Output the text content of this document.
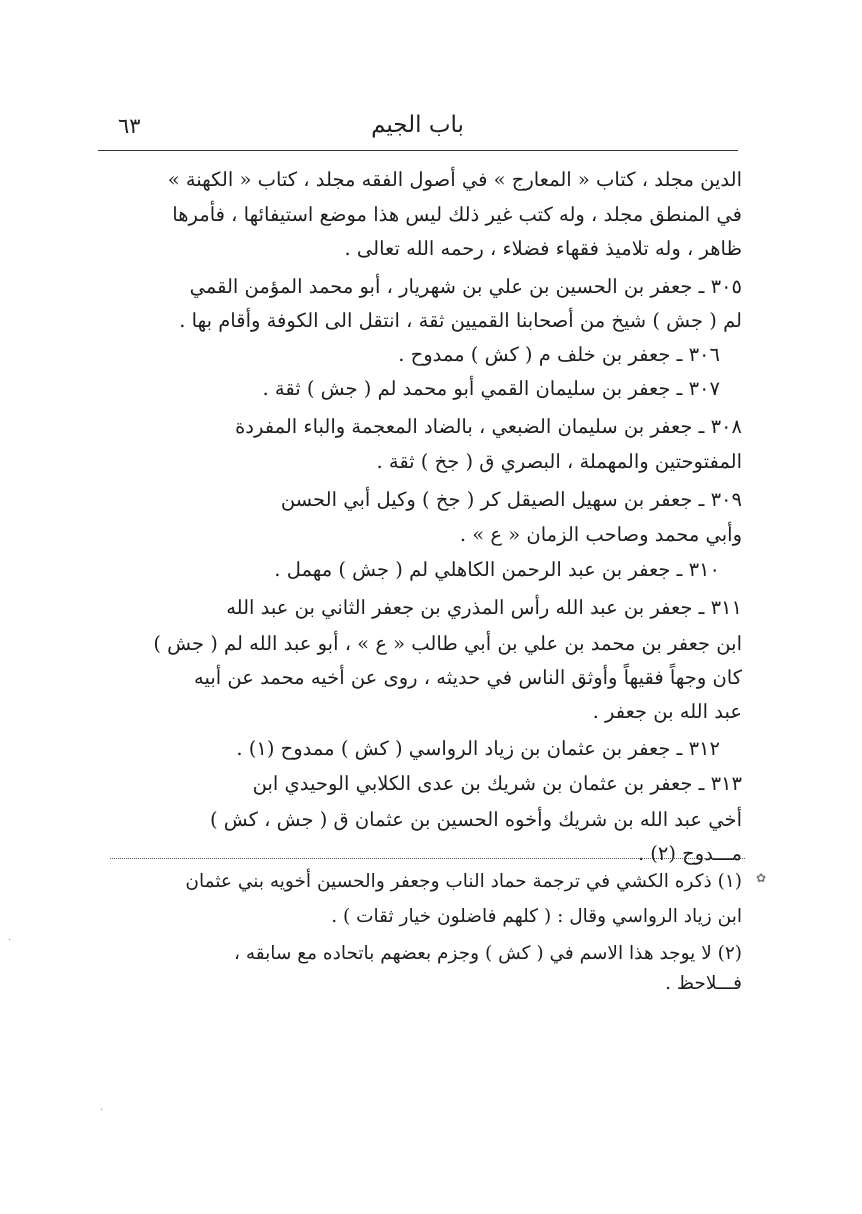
باب الجيم
٦٣
الدين مجلد ، كتاب « المعارج » في أصول الفقه مجلد ، كتاب « الكهنة »
في المنطق مجلد ، وله كتب غير ذلك ليس هذا موضع استيفائها ، فأمرها
ظاهر ، وله تلاميذ فقهاء فضلاء ، رحمه الله تعالى .
٣٠٥ ـ جعفر بن الحسين بن علي بن شهريار ، أبو محمد المؤمن القمي
لم ( جش ) شيخ من أصحابنا القميين ثقة ، انتقل الى الكوفة وأقام بها .
٣٠٦ ـ جعفر بن خلف م ( كش ) ممدوح .
٣٠٧ ـ جعفر بن سليمان القمي أبو محمد لم ( جش ) ثقة .
٣٠٨ ـ جعفر بن سليمان الضبعي ، بالضاد المعجمة والباء المفردة
المفتوحتين والمهملة ، البصري ق ( جخ ) ثقة .
٣٠٩ ـ جعفر بن سهيل الصيقل كر ( جخ ) وكيل أبي الحسن
وأبي محمد وصاحب الزمان « ع » .
٣١٠ ـ جعفر بن عبد الرحمن الكاهلي لم ( جش ) مهمل .
٣١١ ـ جعفر بن عبد الله رأس المذري بن جعفر الثاني بن عبد الله
ابن جعفر بن محمد بن علي بن أبي طالب « ع » ، أبو عبد الله لم ( جش )
كان وجهاً فقيهاً وأوثق الناس في حديثه ، روى عن أخيه محمد عن أبيه
عبد الله بن جعفر .
٣١٢ ـ جعفر بن عثمان بن زياد الرواسي ( كش ) ممدوح (١) .
٣١٣ ـ جعفر بن عثمان بن شريك بن عدى الكلابي الوحيدي ابن
أخي عبد الله بن شريك وأخوه الحسين بن عثمان ق ( جش ، كش )
مـــدوح (٢) .
✿
(١) ذكره الكشي في ترجمة حماد الناب وجعفر والحسين أخويه بني عثمان
ابن زياد الرواسي وقال : ( كلهم فاضلون خيار ثقات ) .
(٢) لا يوجد هذا الاسم في ( كش ) وجزم بعضهم باتحاده مع سابقه ،
فـــلاحظ .
·
·
